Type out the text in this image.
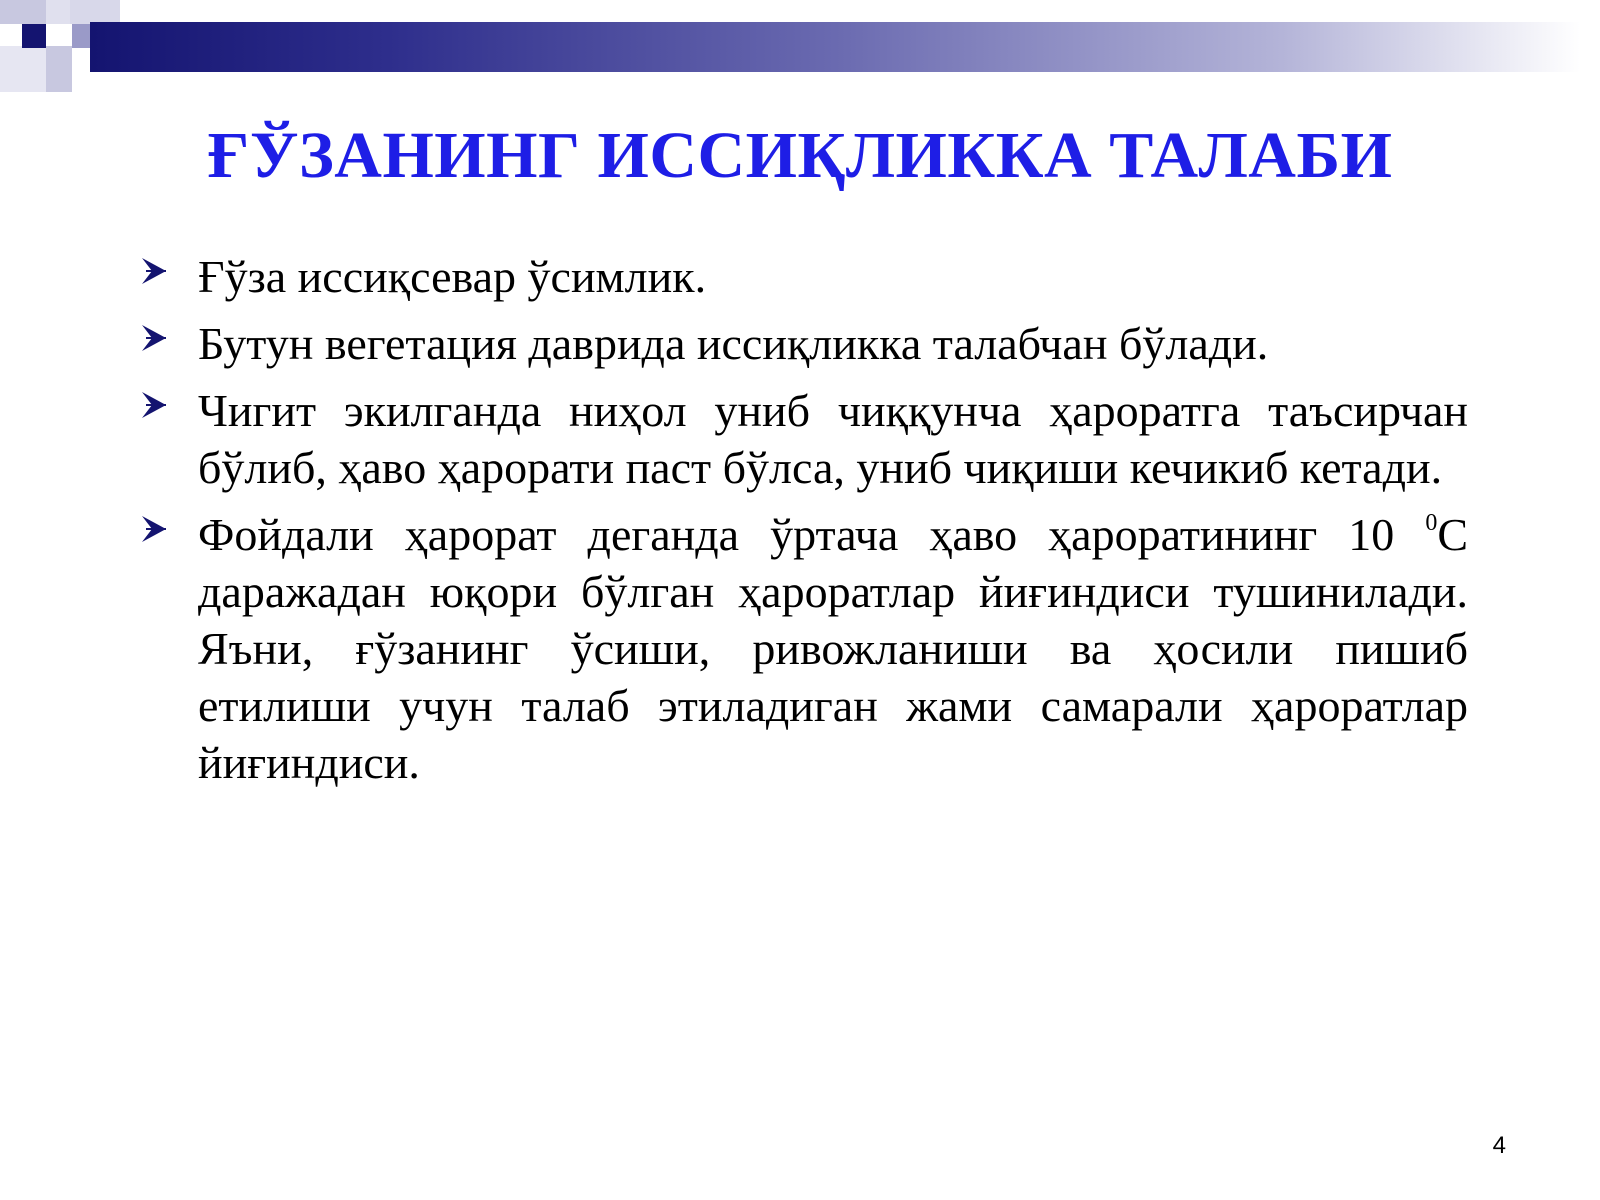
ҒЎЗАНИНГ ИССИҚЛИККА ТАЛАБИ
Ғўза иссиқсевар ўсимлик.
Бутун вегетация даврида иссиқликка талабчан бўлади.
Чигит экилганда ниҳол униб чиққунча ҳароратга таъсирчан бўлиб, ҳаво ҳарорати паст бўлса, униб чиқиши кечикиб кетади.
Фойдали ҳарорат деганда ўртача ҳаво ҳароратининг 10 $^0$С даражадан юқори бўлган ҳароратлар йиғиндиси тушинилади. Яъни, ғўзанинг ўсиши, ривожланиши ва ҳосили пишиб етилиши учун талаб этиладиган жами самарали ҳароратлар йиғиндиси.
4
